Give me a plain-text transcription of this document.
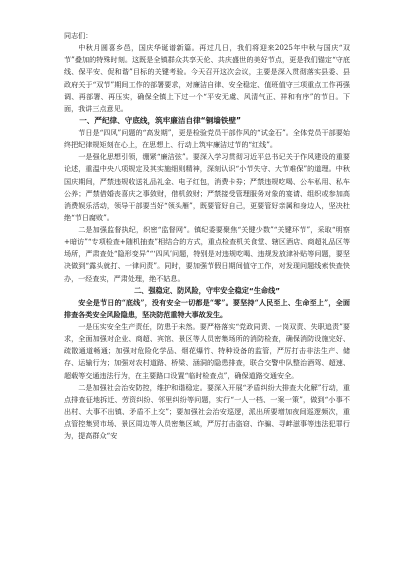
同志们：

中秋月圆喜乡邑，国庆华诞谱新篇。再过几日，我们将迎来2025年中秋与国庆“双节”叠加的特殊时刻。这既是全镇群众共享天伦、共庆盛世的美好节点，更是我们锚定“守底线、保平安、促和谐”目标的关键考验。今天召开这次会议，主要是深入贯彻落实县委、县政府关于“双节”期间工作的部署要求，对廉洁自律、安全稳定、值班值守三项重点工作再强调、再部署、再压实，确保全镇上下过一个“平安无虞、风清气正、祥和有序”的节日。下面，我讲三点意见。

一、严纪律、守底线，筑牢廉洁自律“铜墙铁壁”

节日是“四风”问题的“高发期”，更是检验党员干部作风的“试金石”。全体党员干部要始终把纪律规矩刻在心上，在思想上、行动上筑牢廉洁过节的“红线”。

一是强化思想引领，绷紧“廉洁弦”。要深入学习贯彻习近平总书记关于作风建设的重要论述，重温中央八项规定及其实施细则精神，深刻认识“小节失守、大节难保”的道理。中秋国庆期间，严禁违规收送礼品礼金、电子红包，消费卡券；严禁违规吃喝、公车私用、私车公养；严禁借婚丧喜庆之事敛财，借机敛财；严禁接受管理服务对象的宴请、组织或参加高消费娱乐活动，领导干部要当好“领头雁”，既要管好自己，更要管好亲属和身边人，坚决杜绝“节日腐败”。

二是加强监督执纪，织密“监督网”。镇纪委要聚焦“关键少数”“关键环节”，采取“明察+暗访”“专项检查+随机抽查”相结合的方式，重点检查机关食堂、辖区酒店、商超礼品区等场所，严肃查处“隐形变异”“‘四风’问题，特别是对违规吃喝、违规发放津补贴等问题，要坚决做到“露头就打、一律问责”。同时，要加强节假日期间值守工作，对发现问题线索快查快办，一经查实，严肃处理，绝不姑息。

二、强稳定、防风险，守牢安全稳定“生命线”

安全是节日的“底线”，没有安全一切都是“零”。要坚持“人民至上、生命至上”，全面排查各类安全风险隐患，坚决防范重特大事故发生。

一是压实安全生产责任，防患于未然。要严格落实“党政同责、一岗双责、失职追责”要求，全面加强对企业、商超、宾馆、景区等人员密集场所的消防检查，确保消防设施完好、疏散通道畅通；加强对危险化学品、烟花爆竹、特种设备的监管，严厉打击非法生产、储存、运输行为；加强对农村道路、桥梁、涵洞的隐患排查，联合交警中队整治酒驾、超速、超载等交通违法行为，在主要路口设置“临时检查点”，确保道路交通安全。

二是加强社会治安防控，维护和谐稳定。要深入开展“矛盾纠纷大排查大化解”行动，重点排查征地拆迁、劳资纠纷、邻里纠纷等问题，实行“一人一档、一案一策”，做到“小事不出村、大事不出镇、矛盾不上交”；要加强社会治安巡逻，派出所要增加夜间巡逻频次，重点管控集贸市场、景区周边等人员密集区域，严厉打击盗窃、诈骗、寻衅滋事等违法犯罪行为，提高群众“安
